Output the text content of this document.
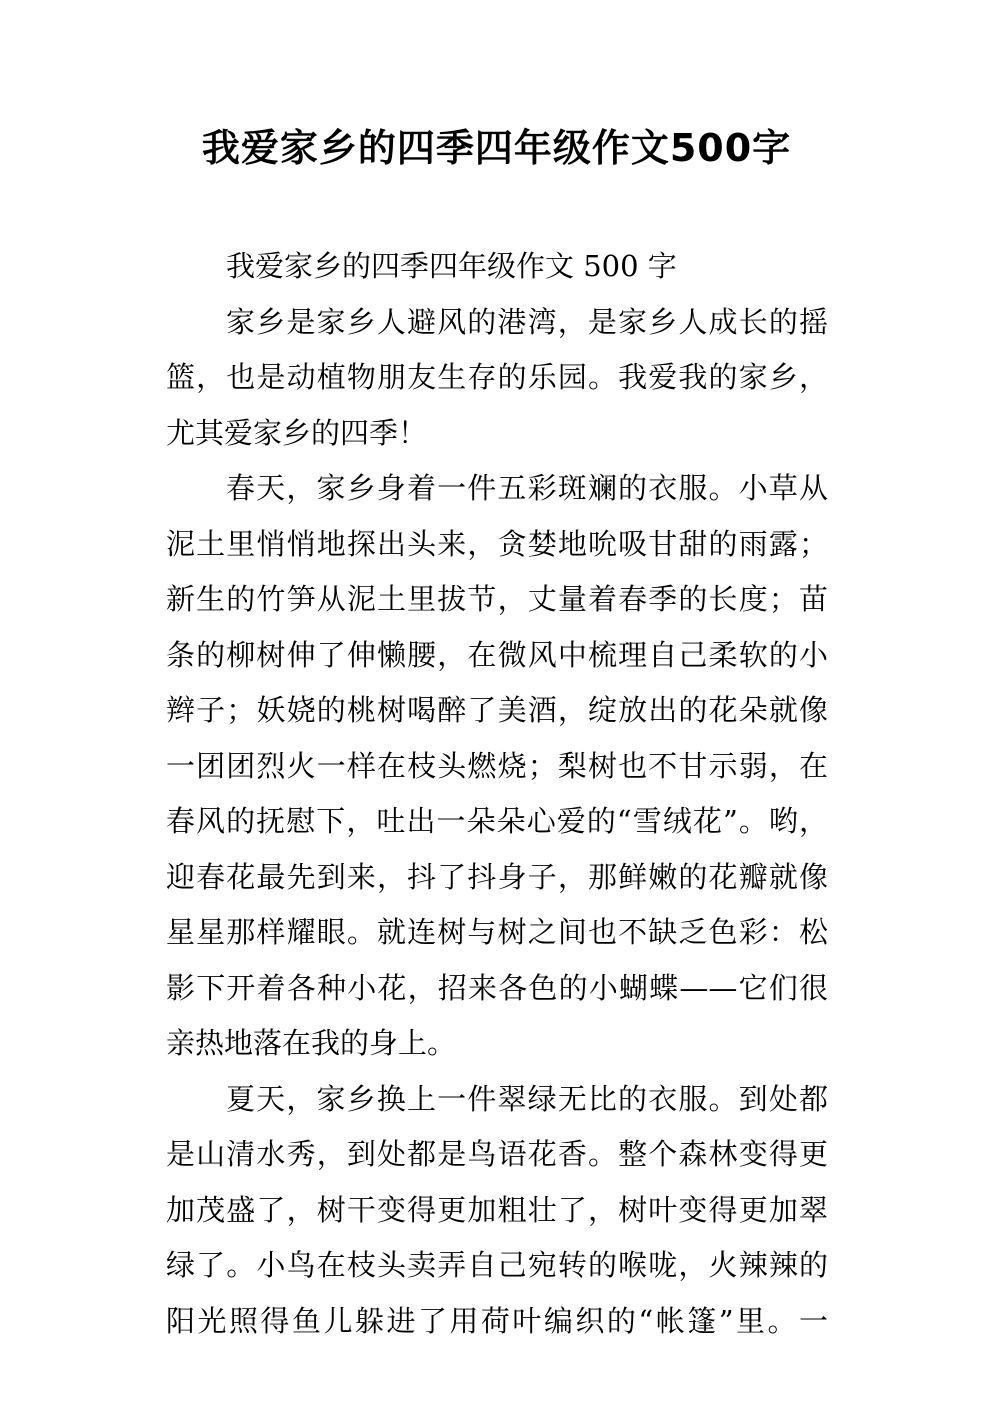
我爱家乡的四季四年级作文500字
我爱家乡的四季四年级作文 500 字
家乡是家乡人避风的港湾，是家乡人成长的摇
篮，也是动植物朋友生存的乐园。我爱我的家乡，
尤其爱家乡的四季！
春天，家乡身着一件五彩斑斓的衣服。小草从
泥土里悄悄地探出头来，贪婪地吮吸甘甜的雨露；
新生的竹笋从泥土里拔节，丈量着春季的长度；苗
条的柳树伸了伸懒腰，在微风中梳理自己柔软的小
辫子；妖娆的桃树喝醉了美酒，绽放出的花朵就像
一团团烈火一样在枝头燃烧；梨树也不甘示弱，在
春风的抚慰下，吐出一朵朵心爱的“雪绒花”。哟，
迎春花最先到来，抖了抖身子，那鲜嫩的花瓣就像
星星那样耀眼。就连树与树之间也不缺乏色彩：松
影下开着各种小花，招来各色的小蝴蝶——它们很
亲热地落在我的身上。
夏天，家乡换上一件翠绿无比的衣服。到处都
是山清水秀，到处都是鸟语花香。整个森林变得更
加茂盛了，树干变得更加粗壮了，树叶变得更加翠
绿了。小鸟在枝头卖弄自己宛转的喉咙，火辣辣的
阳光照得鱼儿躲进了用荷叶编织的“帐篷”里。一
